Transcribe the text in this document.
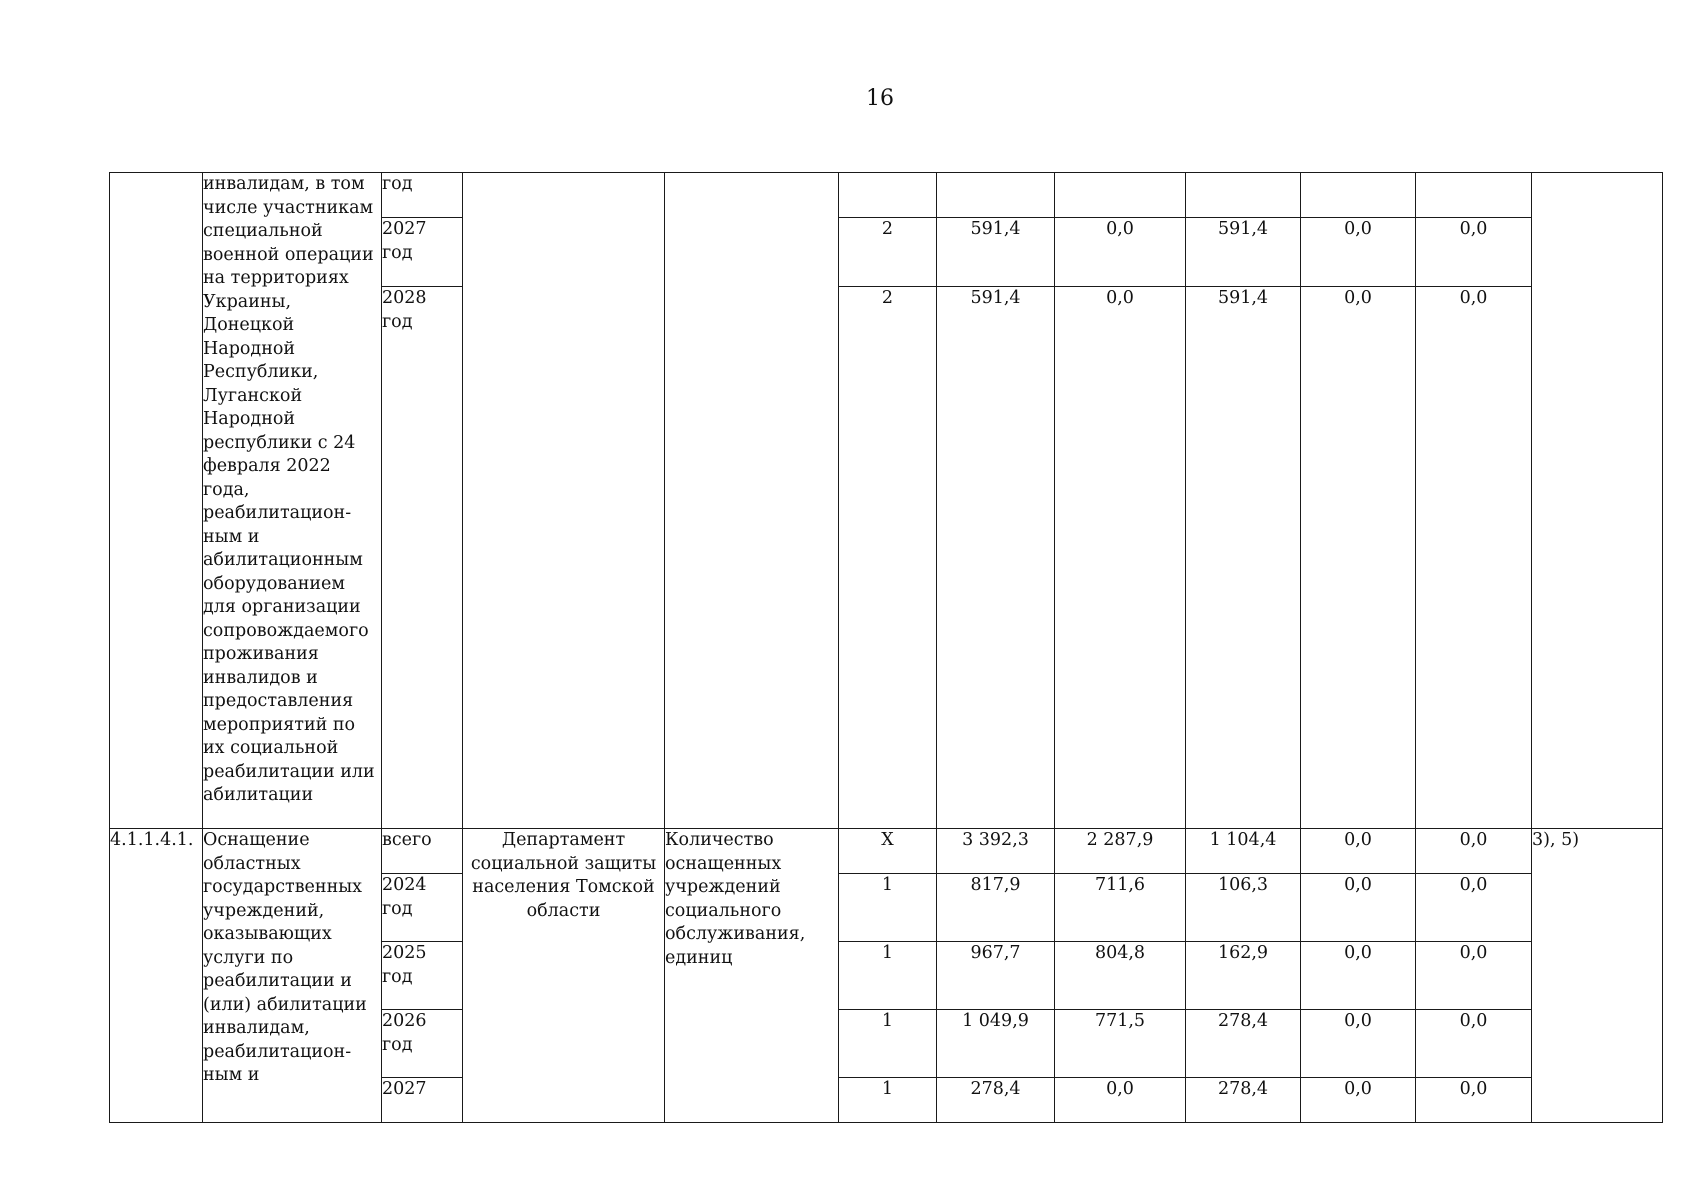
16
	инвалидам, в том числе участникам специальной военной операции на территориях Украины, Донецкой Народной Республики, Луганской Народной республики с 24 февраля 2022 года, реабилитацион-ным и абилитационным оборудованием для организации сопровождаемого проживания инвалидов и предоставления мероприятий по их социальной реабилитации или абилитации	год									
		2027 год			2	591,4	0,0	591,4	0,0	0,0	
		2028 год			2	591,4	0,0	591,4	0,0	0,0	
4.1.1.4.1.	Оснащение областных государственных учреждений, оказывающих услуги по реабилитации и (или) абилитации инвалидам, реабилитацион-ным и	всего	Департамент социальной защиты населения Томской области	Количество оснащенных учреждений социального обслуживания, единиц	X	3 392,3	2 287,9	1 104,4	0,0	0,0	3), 5)
		2024 год			1	817,9	711,6	106,3	0,0	0,0	
		2025 год			1	967,7	804,8	162,9	0,0	0,0	
		2026 год			1	1 049,9	771,5	278,4	0,0	0,0	
		2027			1	278,4	0,0	278,4	0,0	0,0	
